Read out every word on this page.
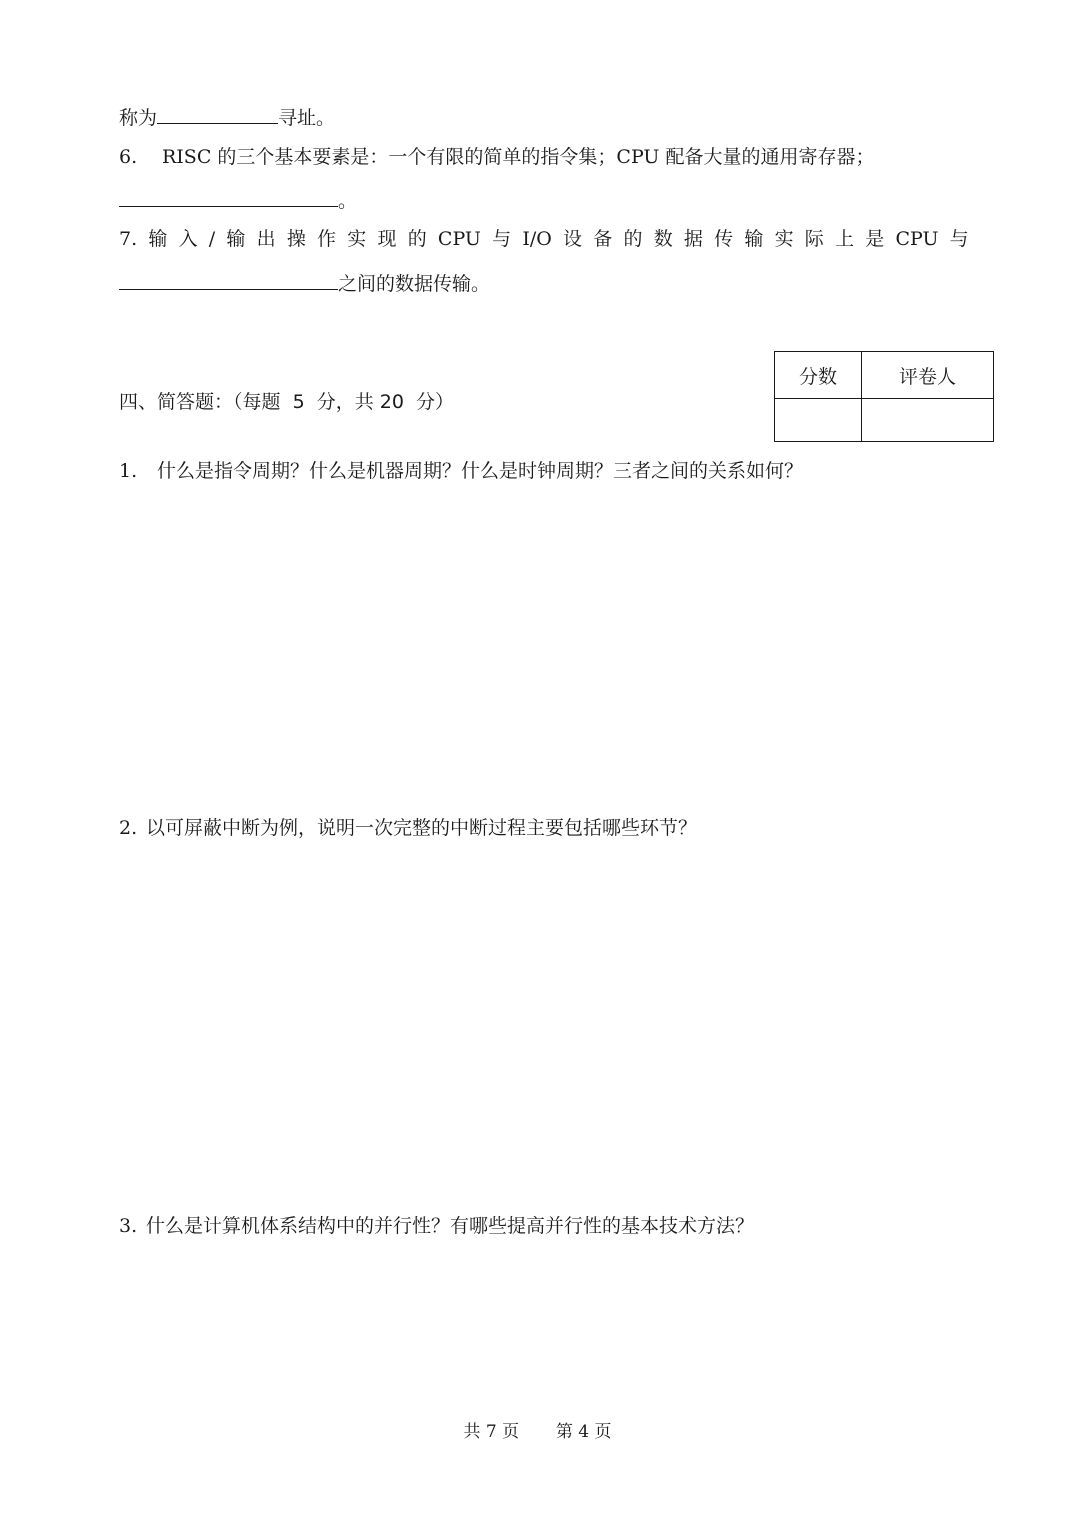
称为	寻址。
6. RISC 的三个基本要素是：一个有限的简单的指令集；CPU 配备大量的通用寄存器；
。
7. 输 入 / 输 出 操 作 实 现 的 CPU 与 I/O 设 备 的 数 据 传 输 实 际 上 是 CPU 与
之间的数据传输。
分数	评卷人

四、简答题：（每题  5  分，共 20  分）
1. 什么是指令周期？什么是机器周期？什么是时钟周期？三者之间的关系如何？
2. 以可屏蔽中断为例，说明一次完整的中断过程主要包括哪些环节？
3. 什么是计算机体系结构中的并行性？有哪些提高并行性的基本技术方法？
共 7 页 第 4 页
